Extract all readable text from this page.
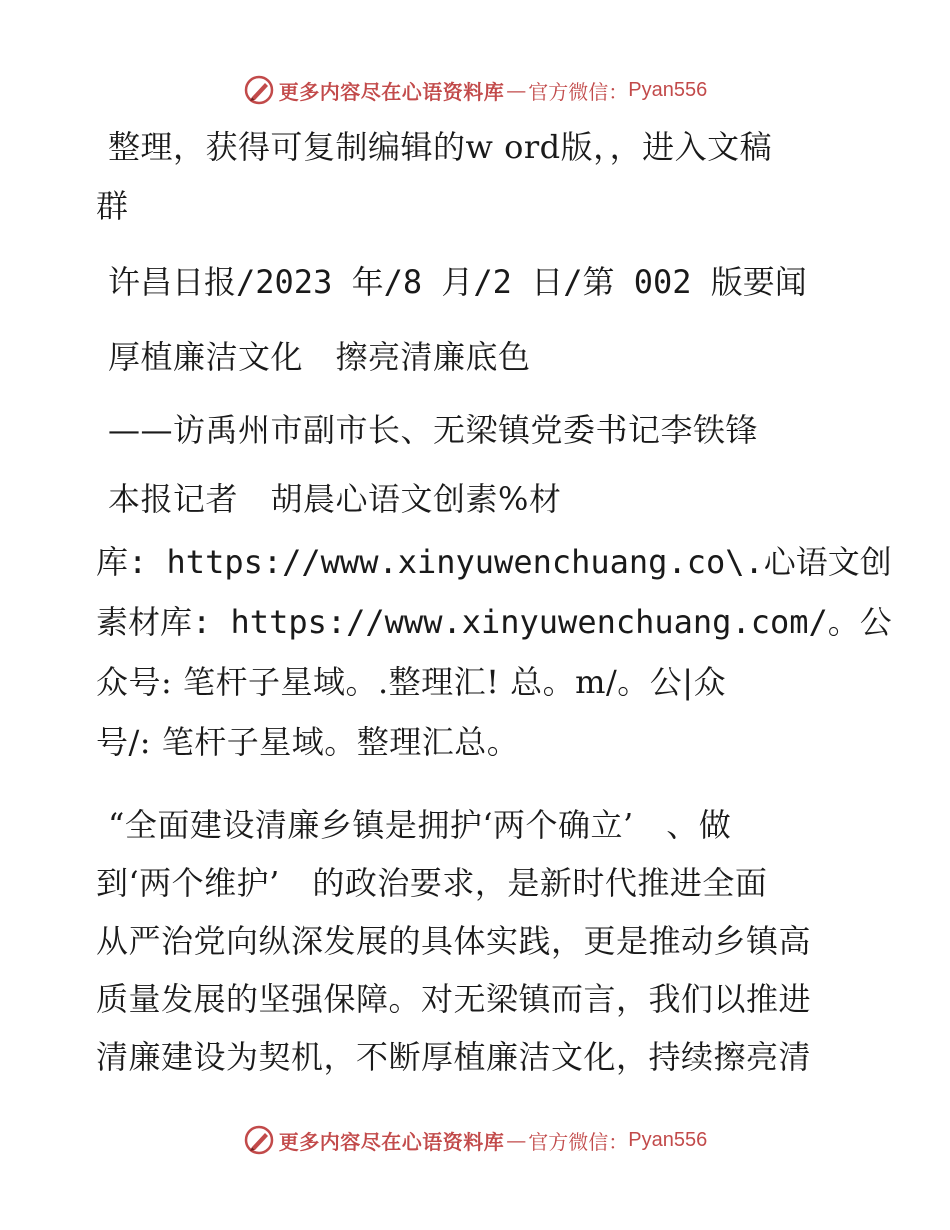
更多内容尽在心语资料库 — 官方微信： Pyan556
整理，获得可复制编辑的w ord版，，进入文稿
群
许昌日报/2023 年/8 月/2 日/第 002 版要闻
厚植廉洁文化　擦亮清廉底色
——访禹州市副市长、无梁镇党委书记李铁锋
本报记者　胡晨心语文创素%材
库: https://www.xinyuwenchuang.co\.心语文创
素材库: https://www.xinyuwenchuang.com/。公
众号: 笔杆子星域。.整理汇! 总。m/。公|众
号/: 笔杆子星域。整理汇总。
“全面建设清廉乡镇是拥护‘两个确立’　、做
到‘两个维护’　的政治要求，是新时代推进全面
从严治党向纵深发展的具体实践，更是推动乡镇高
质量发展的坚强保障。对无梁镇而言，我们以推进
清廉建设为契机，不断厚植廉洁文化，持续擦亮清
更多内容尽在心语资料库 — 官方微信： Pyan556
